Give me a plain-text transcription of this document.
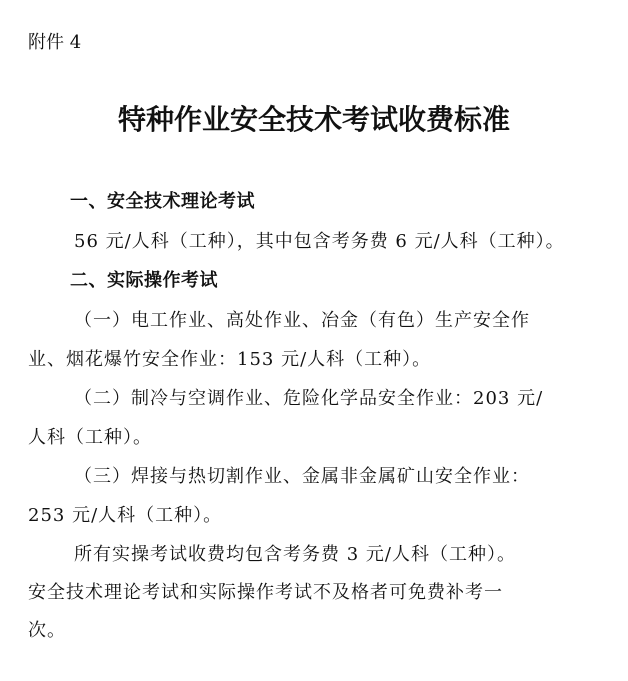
附件 4
特种作业安全技术考试收费标准
一、安全技术理论考试
56 元/人科（工种），其中包含考务费 6 元/人科（工种）。
二、实际操作考试
（一）电工作业、高处作业、冶金（有色）生产安全作
业、烟花爆竹安全作业：153 元/人科（工种）。
（二）制冷与空调作业、危险化学品安全作业：203 元/
人科（工种）。
（三）焊接与热切割作业、金属非金属矿山安全作业：
253 元/人科（工种）。
所有实操考试收费均包含考务费 3 元/人科（工种）。
安全技术理论考试和实际操作考试不及格者可免费补考一
次。
